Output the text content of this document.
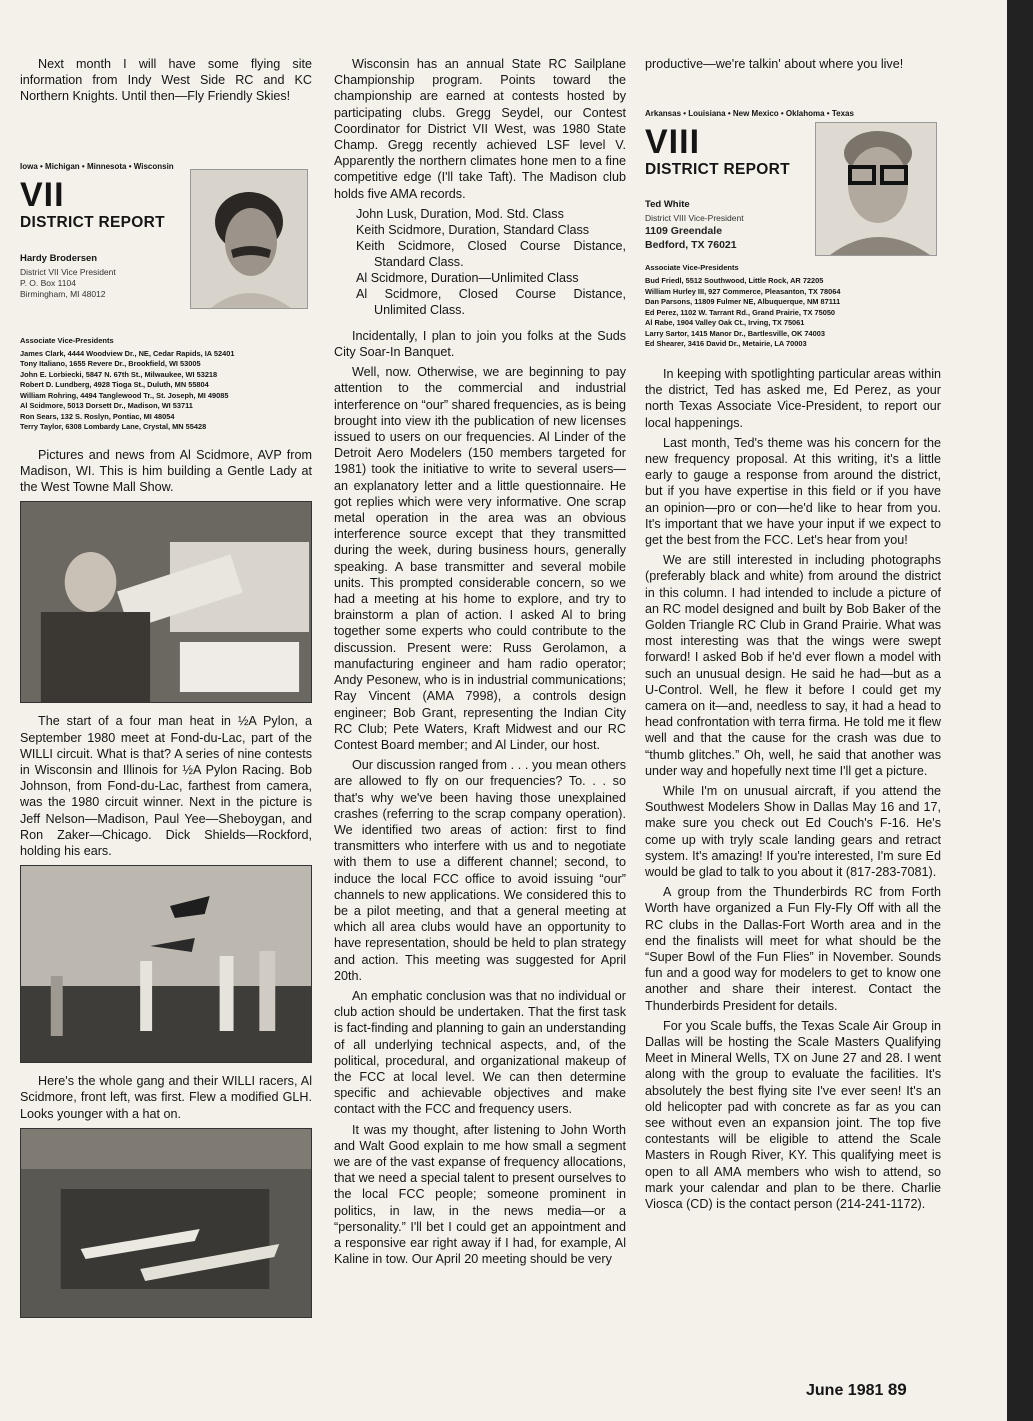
Next month I will have some flying site information from Indy West Side RC and KC Northern Knights. Until then—Fly Friendly Skies!

Iowa • Michigan • Minnesota • Wisconsin
VII
DISTRICT REPORT
Hardy Brodersen
District VII Vice President
P. O. Box 1104
Birmingham, MI 48012
Associate Vice-Presidents
James Clark, 4444 Woodview Dr., NE, Cedar Rapids, IA 52401
Tony Italiano, 1655 Revere Dr., Brookfield, WI 53005
John E. Lorbiecki, 5847 N. 67th St., Milwaukee, WI 53218
Robert D. Lundberg, 4928 Tioga St., Duluth, MN 55804
William Rohring, 4494 Tanglewood Tr., St. Joseph, MI 49085
Al Scidmore, 5013 Dorsett Dr., Madison, WI 53711
Ron Sears, 132 S. Roslyn, Pontiac, MI 48054
Terry Taylor, 6308 Lombardy Lane, Crystal, MN 55428

Pictures and news from Al Scidmore, AVP from Madison, WI. This is him building a Gentle Lady at the West Towne Mall Show.

The start of a four man heat in ½A Pylon, a September 1980 meet at Fond-du-Lac, part of the WILLI circuit. What is that? A series of nine contests in Wisconsin and Illinois for ½A Pylon Racing. Bob Johnson, from Fond-du-Lac, farthest from camera, was the 1980 circuit winner. Next in the picture is Jeff Nelson—Madison, Paul Yee—Sheboygan, and Ron Zaker—Chicago. Dick Shields—Rockford, holding his ears.

Here's the whole gang and their WILLI racers, Al Scidmore, front left, was first. Flew a modified GLH. Looks younger with a hat on.

Wisconsin has an annual State RC Sailplane Championship program. Points toward the championship are earned at contests hosted by participating clubs. Gregg Seydel, our Contest Coordinator for District VII West, was 1980 State Champ. Gregg recently achieved LSF level V. Apparently the northern climates hone men to a fine competitive edge (I'll take Taft). The Madison club holds five AMA records.

John Lusk, Duration, Mod. Std. Class
Keith Scidmore, Duration, Standard Class
Keith Scidmore, Closed Course Distance, Standard Class.
Al Scidmore, Duration—Unlimited Class
Al Scidmore, Closed Course Distance, Unlimited Class.

Incidentally, I plan to join you folks at the Suds City Soar-In Banquet.

Well, now. Otherwise, we are beginning to pay attention to the commercial and industrial interference on “our” shared frequencies, as is being brought into view ith the publication of new licenses issued to users on our frequencies. Al Linder of the Detroit Aero Modelers (150 members targeted for 1981) took the initiative to write to several users—an explanatory letter and a little questionnaire. He got replies which were very informative. One scrap metal operation in the area was an obvious interference source except that they transmitted during the week, during business hours, generally speaking. A base transmitter and several mobile units. This prompted considerable concern, so we had a meeting at his home to explore, and try to brainstorm a plan of action. I asked Al to bring together some experts who could contribute to the discussion. Present were: Russ Gerolamon, a manufacturing engineer and ham radio operator; Andy Pesonew, who is in industrial communications; Ray Vincent (AMA 7998), a controls design engineer; Bob Grant, representing the Indian City RC Club; Pete Waters, Kraft Midwest and our RC Contest Board member; and Al Linder, our host.

Our discussion ranged from . . . you mean others are allowed to fly on our frequencies? To. . . so that's why we've been having those unexplained crashes (referring to the scrap company operation). We identified two areas of action: first to find transmitters who interfere with us and to negotiate with them to use a different channel; second, to induce the local FCC office to avoid issuing “our” channels to new applications. We considered this to be a pilot meeting, and that a general meeting at which all area clubs would have an opportunity to have representation, should be held to plan strategy and action. This meeting was suggested for April 20th.

An emphatic conclusion was that no individual or club action should be undertaken. That the first task is fact-finding and planning to gain an understanding of all underlying technical aspects, and, of the political, procedural, and organizational makeup of the FCC at local level. We can then determine specific and achievable objectives and make contact with the FCC and frequency users.

It was my thought, after listening to John Worth and Walt Good explain to me how small a segment we are of the vast expanse of frequency allocations, that we need a special talent to present ourselves to the local FCC people; someone prominent in politics, in law, in the news media—or a “personality.” I'll bet I could get an appointment and a responsive ear right away if I had, for example, Al Kaline in tow. Our April 20 meeting should be very

productive—we're talkin' about where you live!

Arkansas • Louisiana • New Mexico • Oklahoma • Texas
VIII
DISTRICT REPORT
Ted White
District VIII Vice-President
1109 Greendale
Bedford, TX 76021
Associate Vice-Presidents
Bud Friedl, 5512 Southwood, Little Rock, AR 72205
William Hurley III, 927 Commerce, Pleasanton, TX 78064
Dan Parsons, 11809 Fulmer NE, Albuquerque, NM 87111
Ed Perez, 1102 W. Tarrant Rd., Grand Prairie, TX 75050
Al Rabe, 1904 Valley Oak Ct., Irving, TX 75061
Larry Sartor, 1415 Manor Dr., Bartlesville, OK 74003
Ed Shearer, 3416 David Dr., Metairie, LA 70003

In keeping with spotlighting particular areas within the district, Ted has asked me, Ed Perez, as your north Texas Associate Vice-President, to report our local happenings.

Last month, Ted's theme was his concern for the new frequency proposal. At this writing, it's a little early to gauge a response from around the district, but if you have expertise in this field or if you have an opinion—pro or con—he'd like to hear from you. It's important that we have your input if we expect to get the best from the FCC. Let's hear from you!

We are still interested in including photographs (preferably black and white) from around the district in this column. I had intended to include a picture of an RC model designed and built by Bob Baker of the Golden Triangle RC Club in Grand Prairie. What was most interesting was that the wings were swept forward! I asked Bob if he'd ever flown a model with such an unusual design. He said he had—but as a U-Control. Well, he flew it before I could get my camera on it—and, needless to say, it had a head to head confrontation with terra firma. He told me it flew well and that the cause for the crash was due to “thumb glitches.” Oh, well, he said that another was under way and hopefully next time I'll get a picture.

While I'm on unusual aircraft, if you attend the Southwest Modelers Show in Dallas May 16 and 17, make sure you check out Ed Couch's F-16. He's come up with tryly scale landing gears and retract system. It's amazing! If you're interested, I'm sure Ed would be glad to talk to you about it (817-283-7081).

A group from the Thunderbirds RC from Forth Worth have organized a Fun Fly-Fly Off with all the RC clubs in the Dallas-Fort Worth area and in the end the finalists will meet for what should be the “Super Bowl of the Fun Flies” in November. Sounds fun and a good way for modelers to get to know one another and share their interest. Contact the Thunderbirds President for details.

For you Scale buffs, the Texas Scale Air Group in Dallas will be hosting the Scale Masters Qualifying Meet in Mineral Wells, TX on June 27 and 28. I went along with the group to evaluate the facilities. It's absolutely the best flying site I've ever seen! It's an old helicopter pad with concrete as far as you can see without even an expansion joint. The top five contestants will be eligible to attend the Scale Masters in Rough River, KY. This qualifying meet is open to all AMA members who wish to attend, so mark your calendar and plan to be there. Charlie Viosca (CD) is the contact person (214-241-1172).

June 1981 89
